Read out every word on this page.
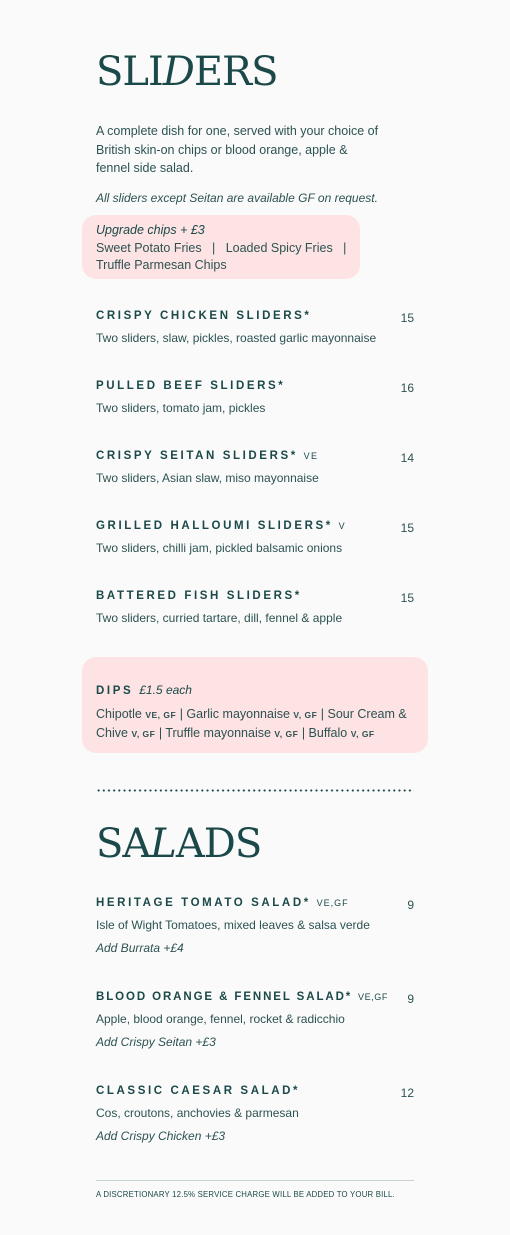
SLIDERS

A complete dish for one, served with your choice of British skin-on chips or blood orange, apple & fennel side salad.

All sliders except Seitan are available GF on request.

Upgrade chips + £3
Sweet Potato Fries   |   Loaded Spicy Fries   |
Truffle Parmesan Chips
CRISPY CHICKEN SLIDERS*	15
Two sliders, slaw, pickles, roasted garlic mayonnaise
PULLED BEEF SLIDERS*	16
Two sliders, tomato jam, pickles
CRISPY SEITAN SLIDERS* VE	14
Two sliders, Asian slaw, miso mayonnaise
GRILLED HALLOUMI SLIDERS* V	15
Two sliders, chilli jam, pickled balsamic onions
BATTERED FISH SLIDERS*	15
Two sliders, curried tartare, dill, fennel & apple
DIPS £1.5 each
Chipotle VE, GF | Garlic mayonnaise V, GF | Sour Cream & Chive V, GF | Truffle mayonnaise V, GF | Buffalo V, GF
SALADS
HERITAGE TOMATO SALAD* VE,GF	9
Isle of Wight Tomatoes, mixed leaves & salsa verde
Add Burrata +£4
BLOOD ORANGE & FENNEL SALAD* VE,GF	9
Apple, blood orange, fennel, rocket & radicchio
Add Crispy Seitan +£3
CLASSIC CAESAR SALAD*	12
Cos, croutons, anchovies & parmesan
Add Crispy Chicken +£3
A DISCRETIONARY 12.5% SERVICE CHARGE WILL BE ADDED TO YOUR BILL.
